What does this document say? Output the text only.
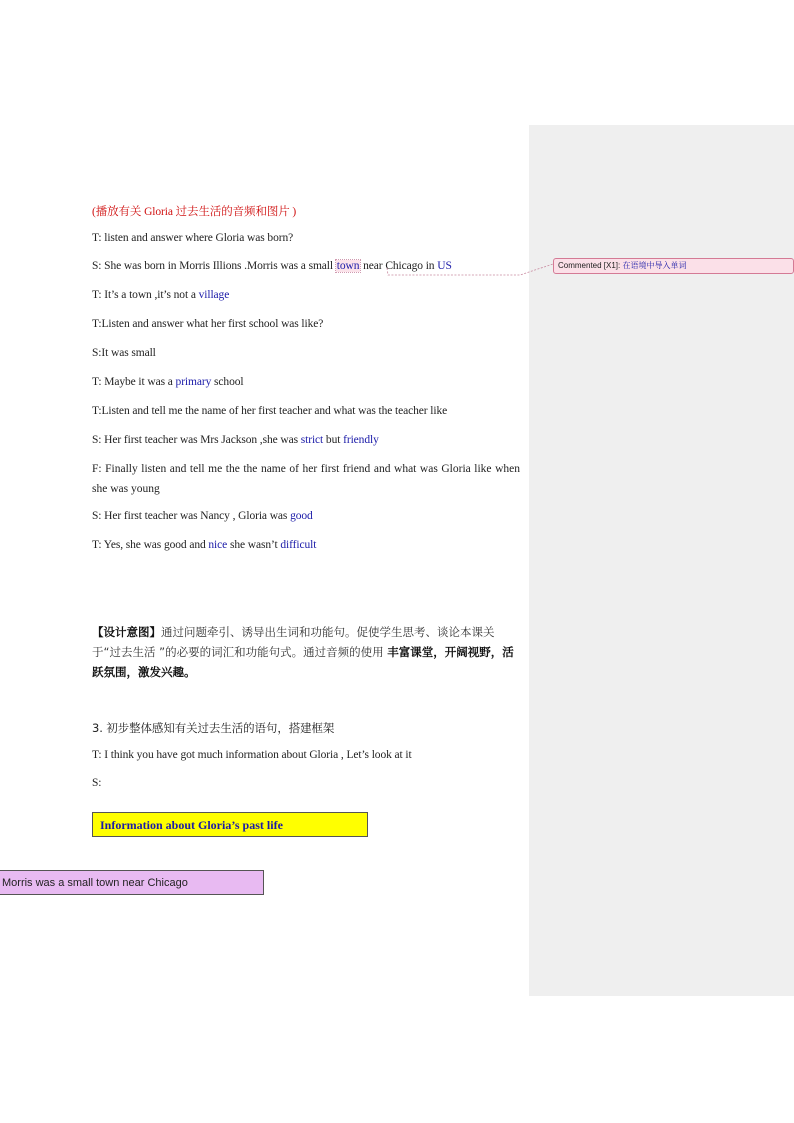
(播放有关 Gloria 过去生活的音频和图片 )
T: listen and answer where Gloria was born?
S: She was born in Morris Illions .Morris was a small town near Chicago in US
T: It’s a town ,it’s not a village
T:Listen and answer what her first school was like?
S:It was small
T: Maybe it was a primary school
T:Listen and tell me the name of her first teacher and what was the teacher like
S: Her first teacher was Mrs Jackson ,she was strict but friendly
F: Finally listen and tell me the the name of her first friend and what was Gloria like when she was young
S: Her first teacher was Nancy , Gloria was good
T: Yes, she was good and nice she wasn’t difficult
【设计意图】通过问题牵引、诱导出生词和功能句。促使学生思考、谈论本课关于“过去生活 ”的必要的词汇和功能句式。通过音频的使用 丰富课堂，开阔视野，活跃氛围，激发兴趣。
3. 初步整体感知有关过去生活的语句，搭建框架
T: I think you have got much information about Gloria , Let’s look at it
S:
Information about Gloria’s past life
Morris was a small town near Chicago
Commented [X1]: 在语境中导入单词
